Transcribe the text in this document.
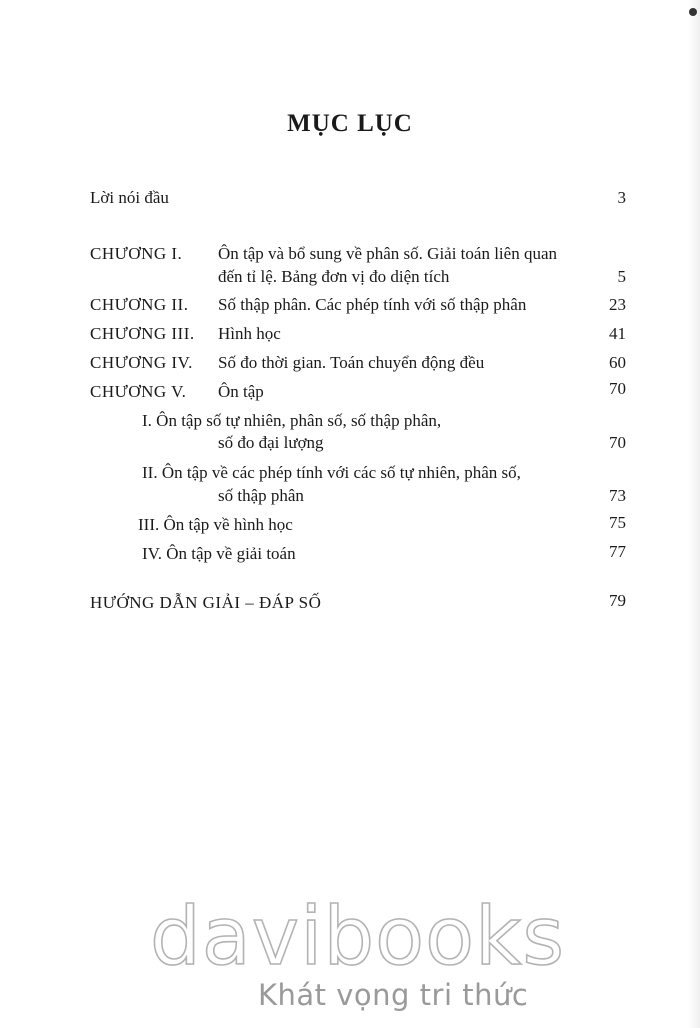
MỤC LỤC
Lời nói đầu	3
CHƯƠNG I. Ôn tập và bổ sung về phân số. Giải toán liên quan
đến tỉ lệ. Bảng đơn vị đo diện tích	5
CHƯƠNG II. Số thập phân. Các phép tính với số thập phân	23
CHƯƠNG III. Hình học	41
CHƯƠNG IV. Số đo thời gian. Toán chuyển động đều	60
CHƯƠNG V. Ôn tập	70
I. Ôn tập số tự nhiên, phân số, số thập phân,
số đo đại lượng	70
II. Ôn tập về các phép tính với các số tự nhiên, phân số,
số thập phân	73
III. Ôn tập về hình học	75
IV. Ôn tập về giải toán	77
HƯỚNG DẪN GIẢI – ĐÁP SỐ	79
davibooks
Khát vọng tri thức
